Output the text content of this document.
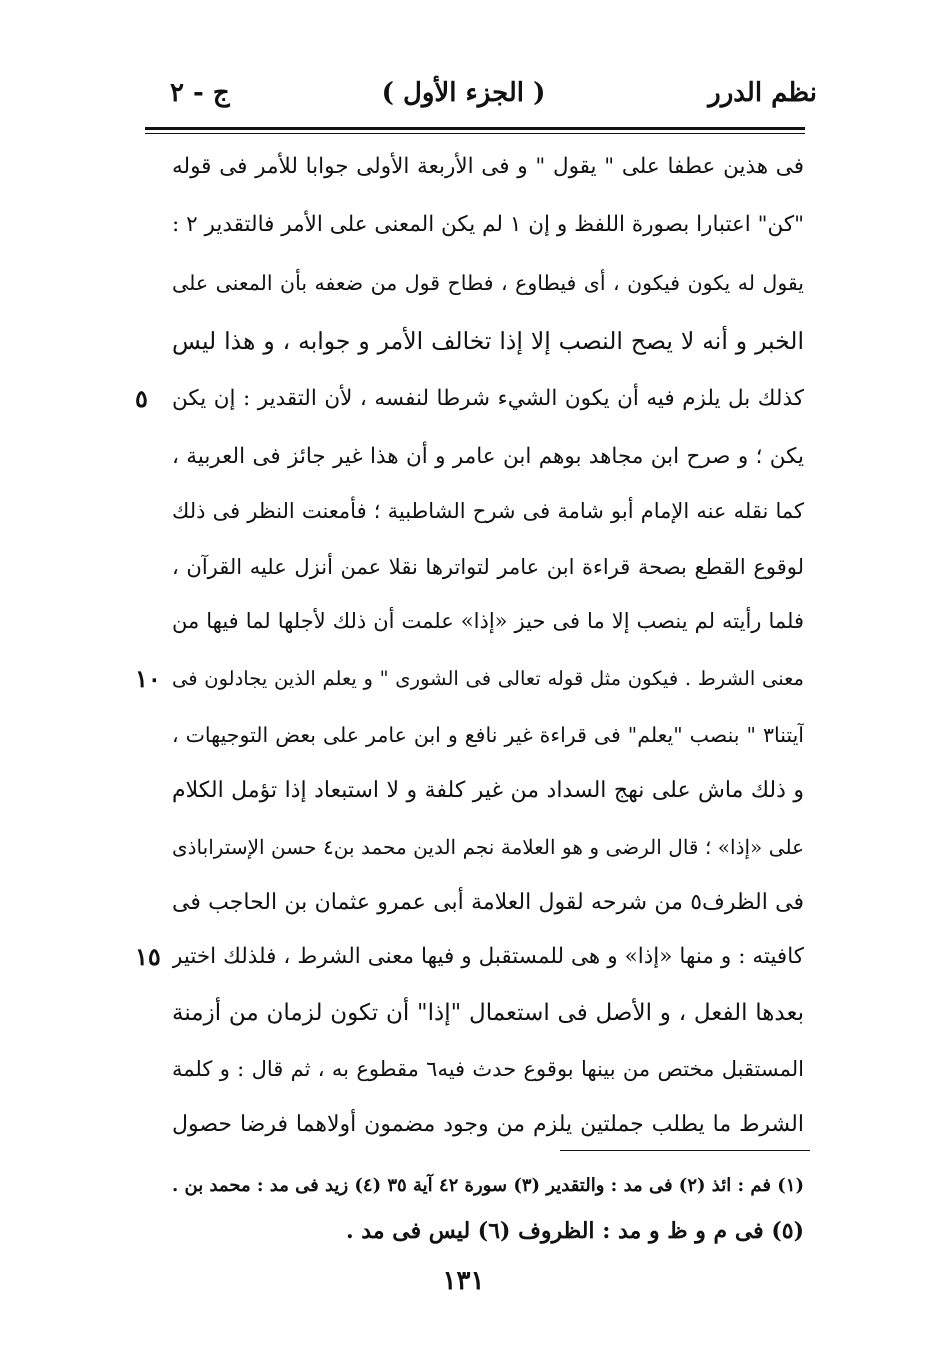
نظم الدرر
( الجزء الأول )
ج - ٢
فى هذين عطفا على " يقول " و فى الأربعة الأولى جوابا للأمر فى قوله
"كن" اعتبارا بصورة اللفظ و إن ١ لم يكن المعنى على الأمر فالتقدير ٢ :
يقول له يكون فيكون ، أى فيطاوع ، فطاح قول من ضعفه بأن المعنى على
الخبر و أنه لا يصح النصب إلا إذا تخالف الأمر و جوابه ، و هذا ليس
كذلك بل يلزم فيه أن يكون الشيء شرطا لنفسه ، لأن التقدير : إن يكن
يكن ؛ و صرح ابن مجاهد بوهم ابن عامر و أن هذا غير جائز فى العربية ،
كما نقله عنه الإمام أبو شامة فى شرح الشاطبية ؛ فأمعنت النظر فى ذلك
لوقوع القطع بصحة قراءة ابن عامر لتواترها نقلا عمن أنزل عليه القرآن ،
فلما رأيته لم ينصب إلا ما فى حيز «إذا» علمت أن ذلك لأجلها لما فيها من
معنى الشرط . فيكون مثل قوله تعالى فى الشورى " و يعلم الذين يجادلون فى
آيتنا٣ " بنصب "يعلم" فى قراءة غير نافع و ابن عامر على بعض التوجيهات ،
و ذلك ماش على نهج السداد من غير كلفة و لا استبعاد إذا تؤمل الكلام
على «إذا» ؛ قال الرضى و هو العلامة نجم الدين محمد بن٤ حسن الإستراباذى
فى الظرف٥ من شرحه لقول العلامة أبى عمرو عثمان بن الحاجب فى
كافيته : و منها «إذا» و هى للمستقبل و فيها معنى الشرط ، فلذلك اختير
بعدها الفعل ، و الأصل فى استعمال "إذا" أن تكون لزمان من أزمنة
المستقبل مختص من بينها بوقوع حدث فيه٦ مقطوع به ، ثم قال : و كلمة
الشرط ما يطلب جملتين يلزم من وجود مضمون أولاهما فرضا حصول
٥
١٠
١٥
(١) فم : ائذ (٢) فى مد : والتقدير (٣) سورة ٤٢ آية ٣٥ (٤) زيد فى مد : محمد بن .
(٥) فى م و ظ و مد : الظروف (٦) ليس فى مد .
١٣١
